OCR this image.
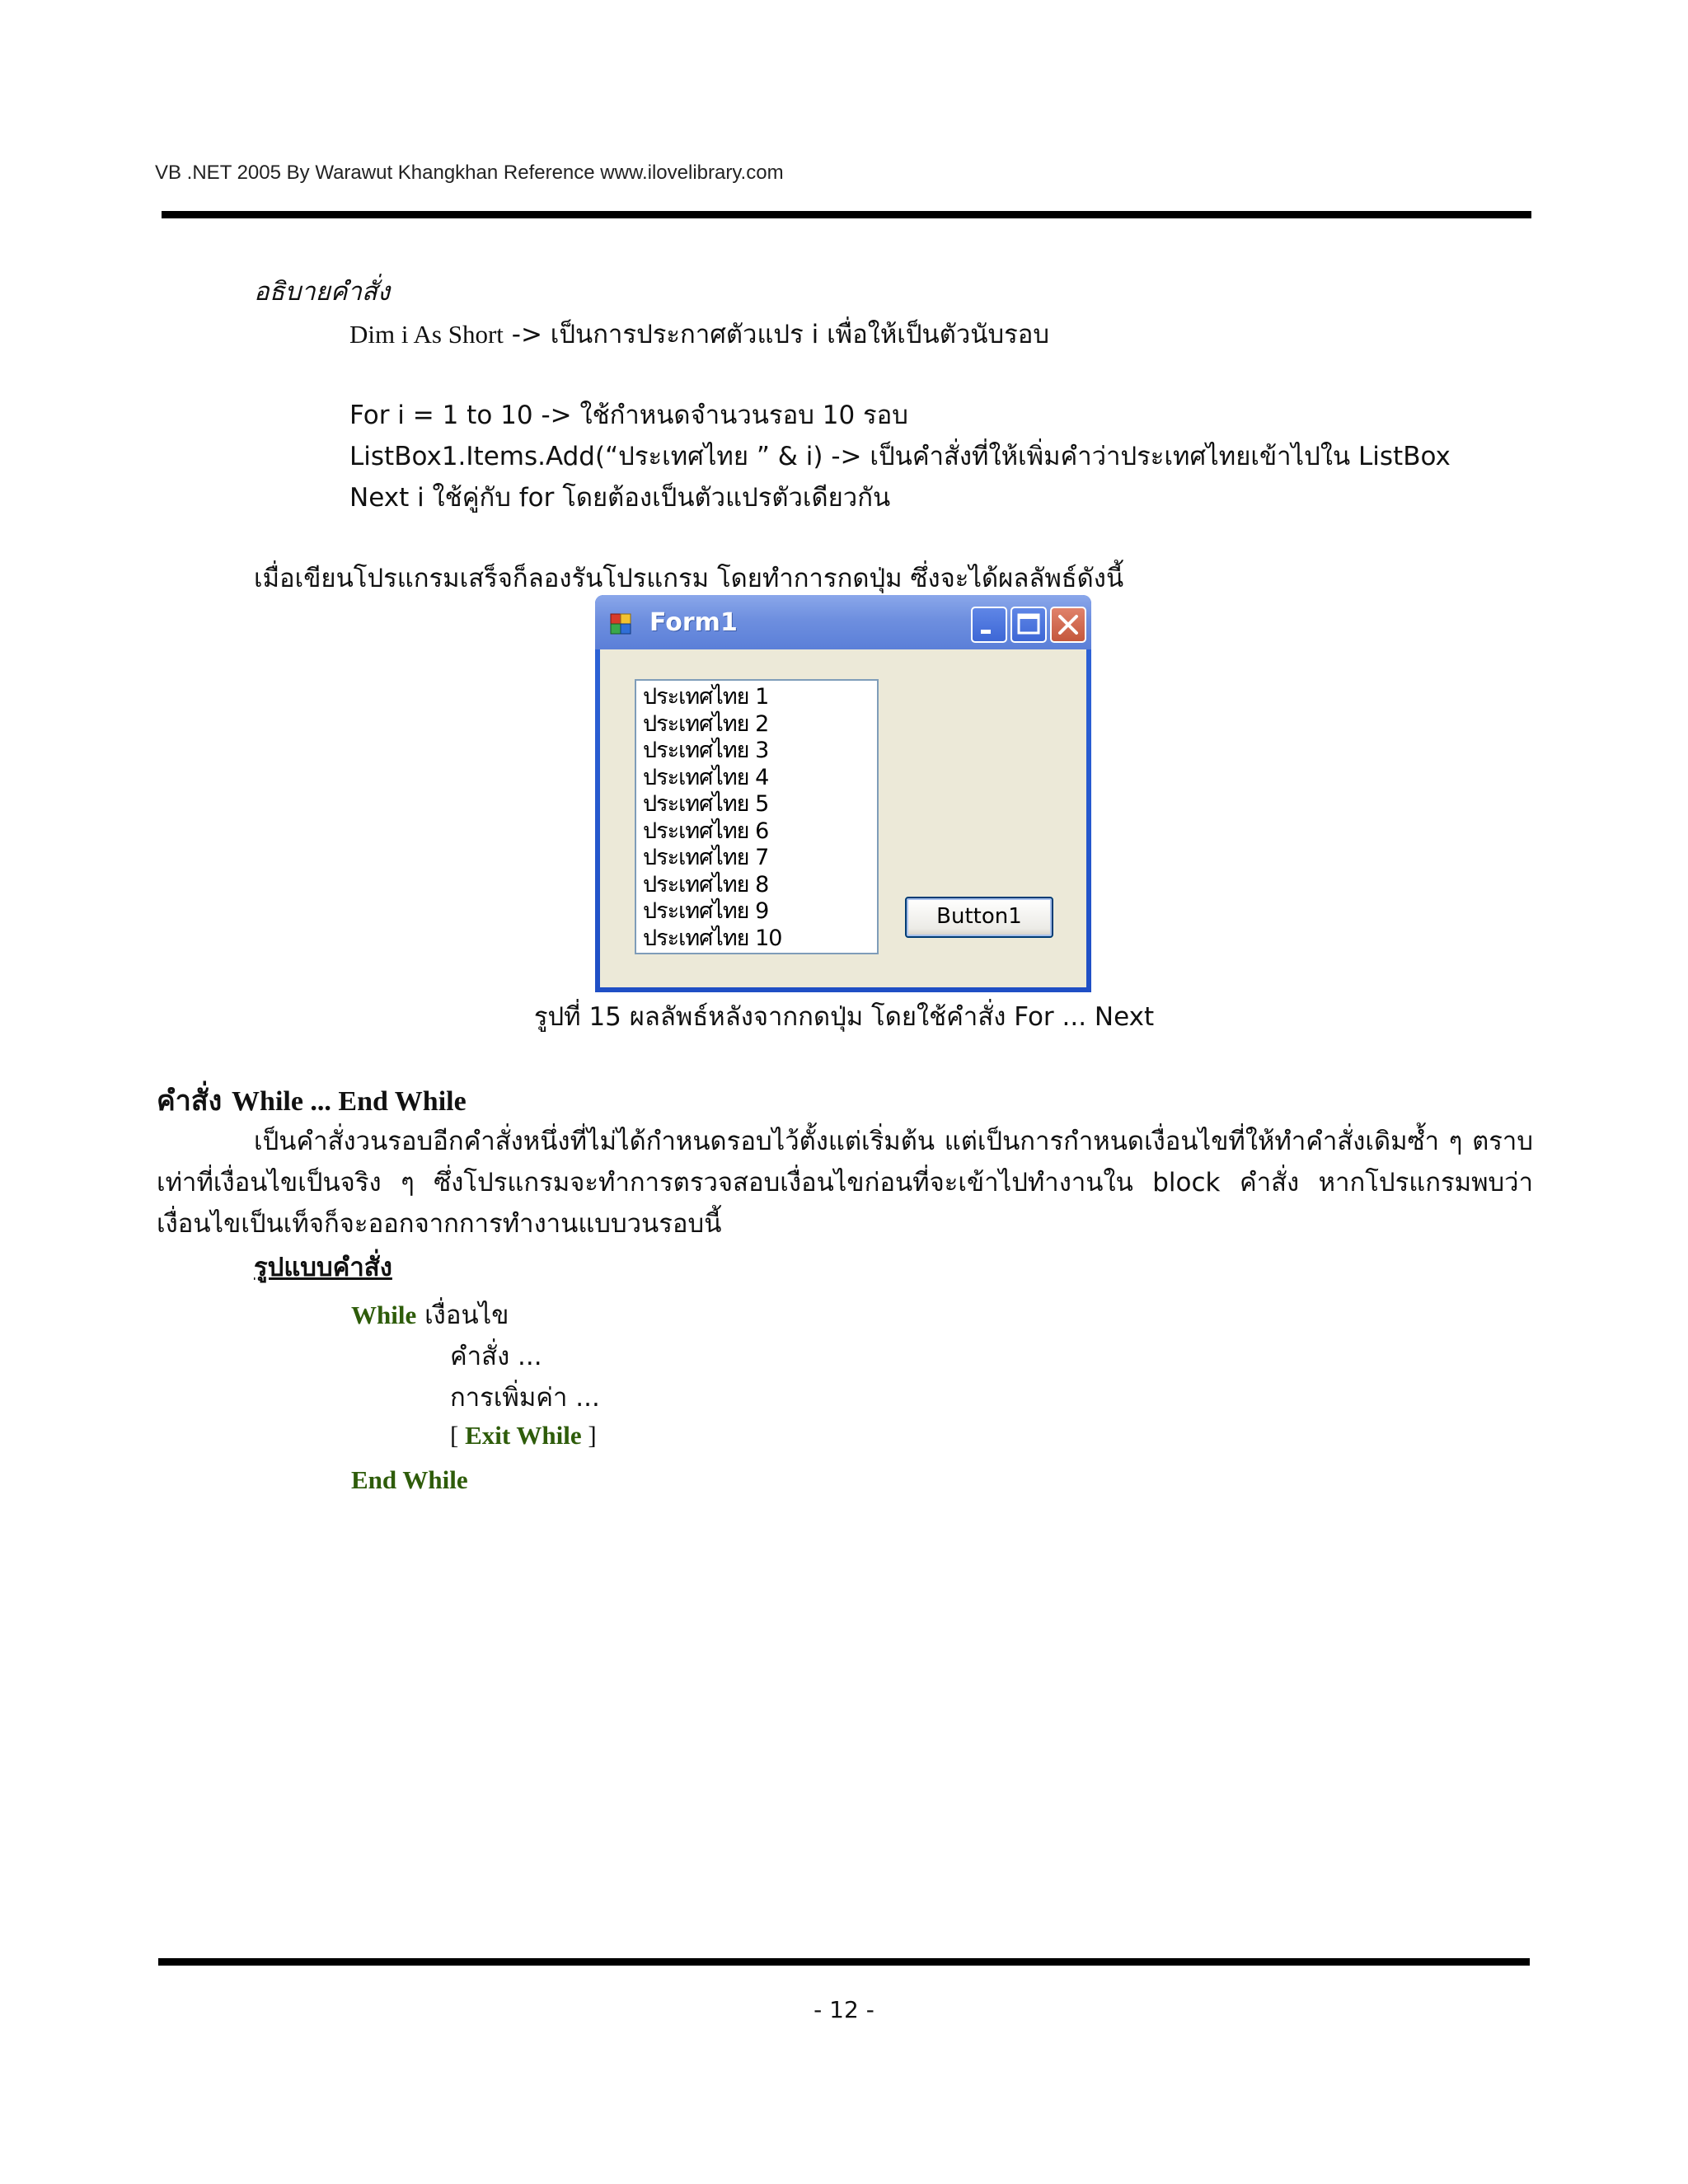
VB .NET 2005 By Warawut Khangkhan Reference www.ilovelibrary.com
อธิบายคำสั่ง
Dim i As Short -> เป็นการประกาศตัวแปร i เพื่อให้เป็นตัวนับรอบ
For i = 1 to 10 -> ใช้กำหนดจำนวนรอบ 10 รอบ
ListBox1.Items.Add(“ประเทศไทย ” & i) -> เป็นคำสั่งที่ให้เพิ่มคำว่าประเทศไทยเข้าไปใน ListBox
Next i ใช้คู่กับ for โดยต้องเป็นตัวแปรตัวเดียวกัน
เมื่อเขียนโปรแกรมเสร็จก็ลองรันโปรแกรม โดยทำการกดปุ่ม ซึ่งจะได้ผลลัพธ์ดังนี้
Form1
ประเทศไทย 1
ประเทศไทย 2
ประเทศไทย 3
ประเทศไทย 4
ประเทศไทย 5
ประเทศไทย 6
ประเทศไทย 7
ประเทศไทย 8
ประเทศไทย 9
ประเทศไทย 10
Button1
รูปที่ 15 ผลลัพธ์หลังจากกดปุ่ม โดยใช้คำสั่ง For ... Next
คำสั่ง While ... End While
เป็นคำสั่งวนรอบอีกคำสั่งหนึ่งที่ไม่ได้กำหนดรอบไว้ตั้งแต่เริ่มต้น แต่เป็นการกำหนดเงื่อนไขที่ให้ทำคำสั่งเดิมซ้ำ ๆ ตราบเท่าที่เงื่อนไขเป็นจริง ๆ ซึ่งโปรแกรมจะทำการตรวจสอบเงื่อนไขก่อนที่จะเข้าไปทำงานใน block คำสั่ง หากโปรแกรมพบว่าเงื่อนไขเป็นเท็จก็จะออกจากการทำงานแบบวนรอบนี้
รูปแบบคำสั่ง
While เงื่อนไข
คำสั่ง ...
การเพิ่มค่า ...
[ Exit While ]
End While
- 12 -
